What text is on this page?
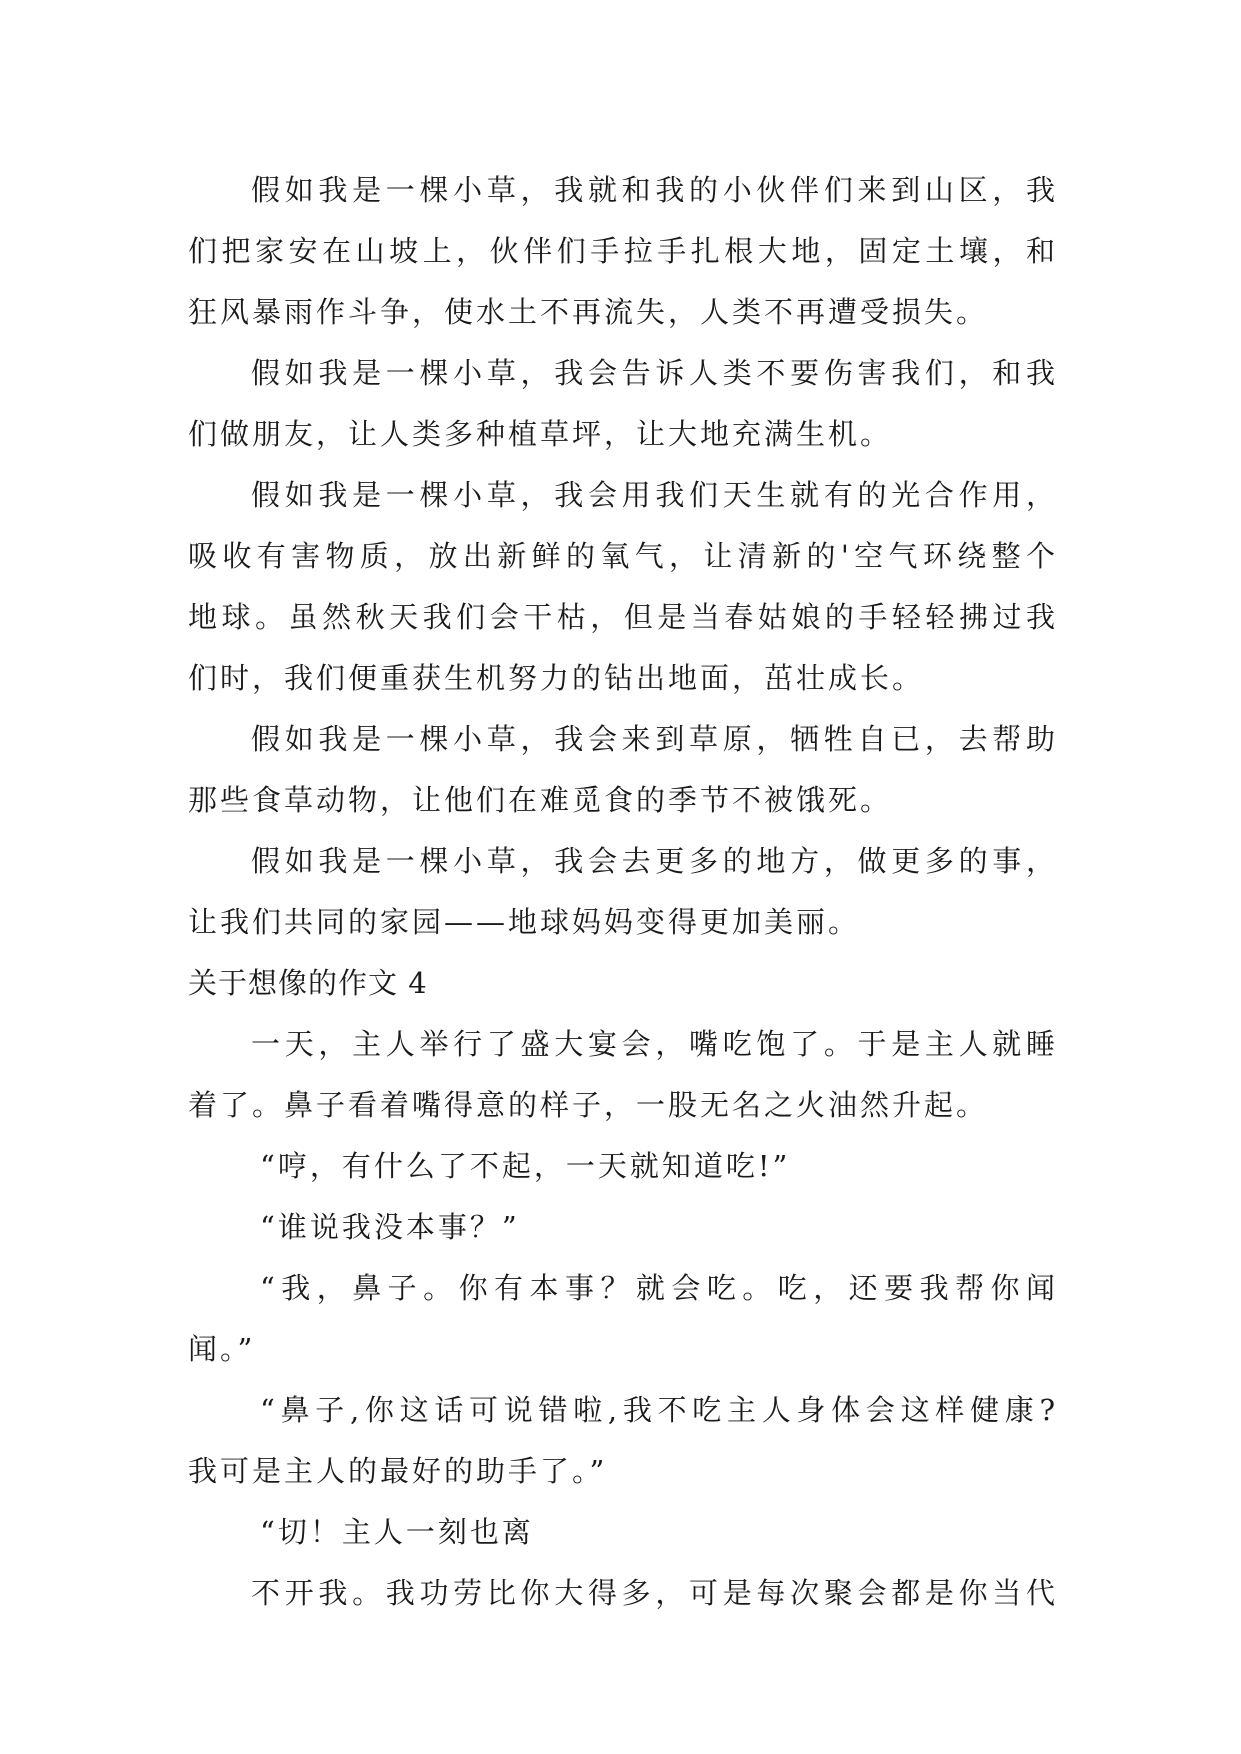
假如我是一棵小草，我就和我的小伙伴们来到山区，我
们把家安在山坡上，伙伴们手拉手扎根大地，固定土壤，和
狂风暴雨作斗争，使水土不再流失，人类不再遭受损失。
假如我是一棵小草，我会告诉人类不要伤害我们，和我
们做朋友，让人类多种植草坪，让大地充满生机。
假如我是一棵小草，我会用我们天生就有的光合作用，
吸收有害物质，放出新鲜的氧气，让清新的'空气环绕整个
地球。虽然秋天我们会干枯，但是当春姑娘的手轻轻拂过我
们时，我们便重获生机努力的钻出地面，茁壮成长。
假如我是一棵小草，我会来到草原，牺牲自已，去帮助
那些食草动物，让他们在难觅食的季节不被饿死。
假如我是一棵小草，我会去更多的地方，做更多的事，
让我们共同的家园——地球妈妈变得更加美丽。
关于想像的作文 4
一天，主人举行了盛大宴会，嘴吃饱了。于是主人就睡
着了。鼻子看着嘴得意的样子，一股无名之火油然升起。
“哼，有什么了不起，一天就知道吃!”
“谁说我没本事？”
“我，鼻子。你有本事？就会吃。吃，还要我帮你闻
闻。”
“鼻子,你这话可说错啦,我不吃主人身体会这样健康?
我可是主人的最好的助手了。”
“切！主人一刻也离
不开我。我功劳比你大得多，可是每次聚会都是你当代
